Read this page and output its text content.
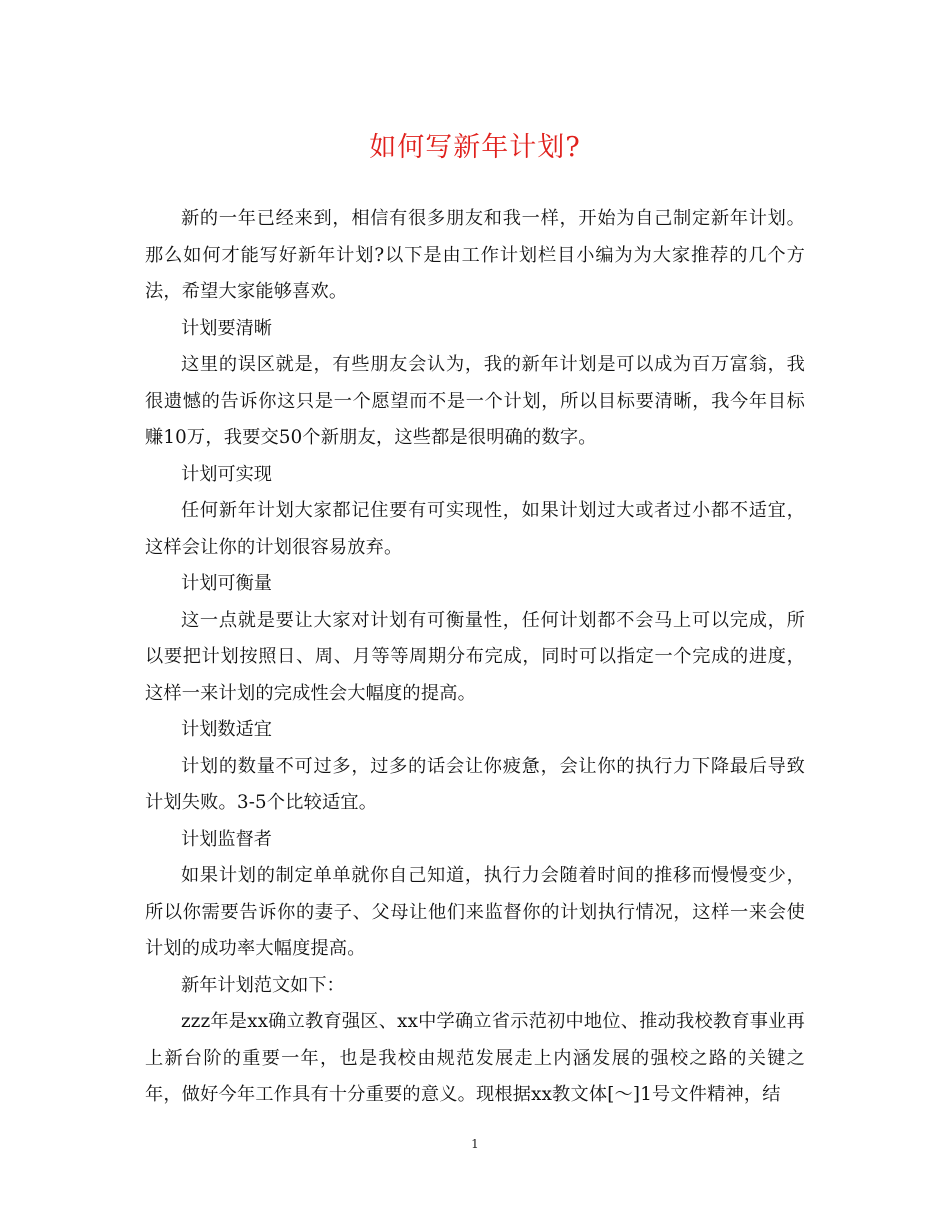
如何写新年计划?

新的一年已经来到，相信有很多朋友和我一样，开始为自己制定新年计划。那么如何才能写好新年计划?以下是由工作计划栏目小编为为大家推荐的几个方法，希望大家能够喜欢。

计划要清晰

这里的误区就是，有些朋友会认为，我的新年计划是可以成为百万富翁，我很遗憾的告诉你这只是一个愿望而不是一个计划，所以目标要清晰，我今年目标赚10万，我要交50个新朋友，这些都是很明确的数字。

计划可实现

任何新年计划大家都记住要有可实现性，如果计划过大或者过小都不适宜，这样会让你的计划很容易放弃。

计划可衡量

这一点就是要让大家对计划有可衡量性，任何计划都不会马上可以完成，所以要把计划按照日、周、月等等周期分布完成，同时可以指定一个完成的进度，这样一来计划的完成性会大幅度的提高。

计划数适宜

计划的数量不可过多，过多的话会让你疲惫，会让你的执行力下降最后导致计划失败。3-5个比较适宜。

计划监督者

如果计划的制定单单就你自己知道，执行力会随着时间的推移而慢慢变少，所以你需要告诉你的妻子、父母让他们来监督你的计划执行情况，这样一来会使计划的成功率大幅度提高。

新年计划范文如下：

zzz年是xx确立教育强区、xx中学确立省示范初中地位、推动我校教育事业再上新台阶的重要一年，也是我校由规范发展走上内涵发展的强校之路的关键之年，做好今年工作具有十分重要的意义。现根据xx教文体[～]1号文件精神，结

1
